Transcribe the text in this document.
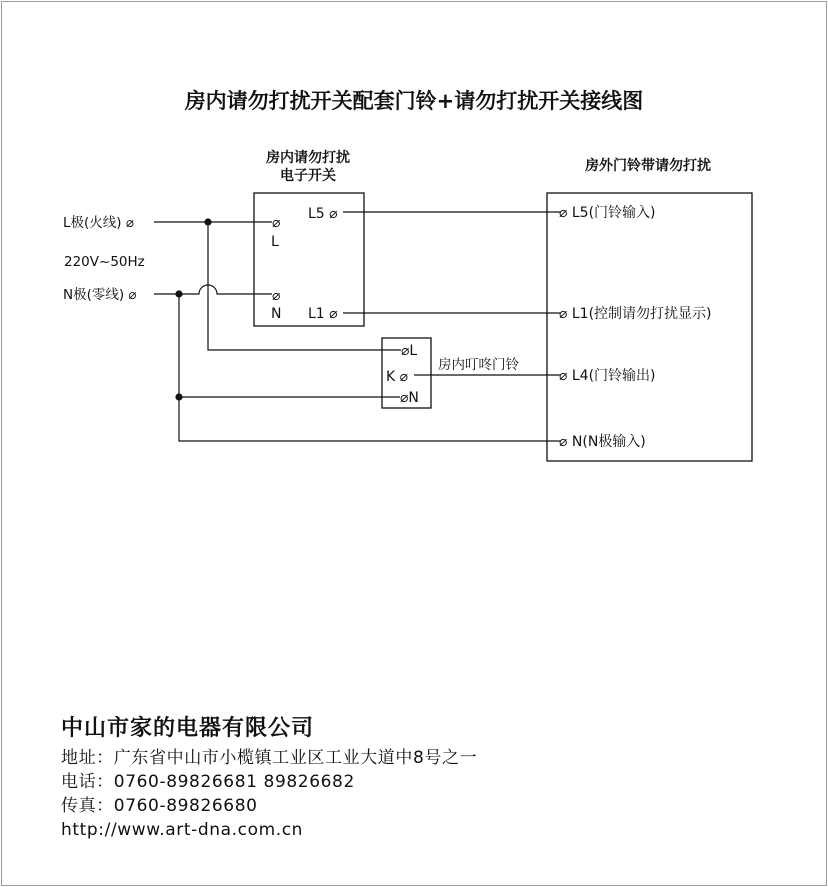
房内请勿打扰开关配套门铃+请勿打扰开关接线图
L极(火线) ⌀
220V~50Hz
N极(零线) ⌀
房内请勿打扰
电子开关
⌀
L
⌀
N
L5 ⌀
L1 ⌀
⌀L
K ⌀
⌀N
房内叮咚门铃
房外门铃带请勿打扰
⌀ L5(门铃输入)
⌀ L1(控制请勿打扰显示)
⌀ L4(门铃输出)
⌀ N(N极输入)
中山市家的电器有限公司
地址：广东省中山市小榄镇工业区工业大道中8号之一
电话：0760-89826681 89826682
传真：0760-89826680
http://www.art-dna.com.cn
